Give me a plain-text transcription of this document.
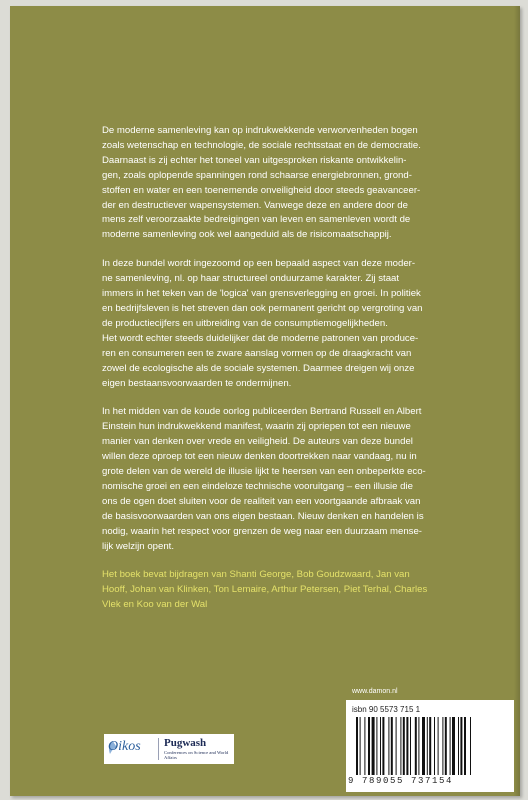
De moderne samenleving kan op indrukwekkende verworvenheden bogen
zoals wetenschap en technologie, de sociale rechtsstaat en de democratie.
Daarnaast is zij echter het toneel van uitgesproken riskante ontwikkelin-
gen, zoals oplopende spanningen rond schaarse energiebronnen, grond-
stoffen en water en een toenemende onveiligheid door steeds geavanceer-
der en destructiever wapensystemen. Vanwege deze en andere door de
mens zelf veroorzaakte bedreigingen van leven en samenleven wordt de
moderne samenleving ook wel aangeduid als de risicomaatschappij.

In deze bundel wordt ingezoomd op een bepaald aspect van deze moder-
ne samenleving, nl. op haar structureel onduurzame karakter. Zij staat
immers in het teken van de 'logica' van grensverlegging en groei. In politiek
en bedrijfsleven is het streven dan ook permanent gericht op vergroting van
de productiecijfers en uitbreiding van de consumptiemogelijkheden.
Het wordt echter steeds duidelijker dat de moderne patronen van produce-
ren en consumeren een te zware aanslag vormen op de draagkracht van
zowel de ecologische als de sociale systemen. Daarmee dreigen wij onze
eigen bestaansvoorwaarden te ondermijnen.

In het midden van de koude oorlog publiceerden Bertrand Russell en Albert
Einstein hun indrukwekkend manifest, waarin zij opriepen tot een nieuwe
manier van denken over vrede en veiligheid. De auteurs van deze bundel
willen deze oproep tot een nieuw denken doortrekken naar vandaag, nu in
grote delen van de wereld de illusie lijkt te heersen van een onbeperkte eco-
nomische groei en een eindeloze technische vooruitgang – een illusie die
ons de ogen doet sluiten voor de realiteit van een voortgaande afbraak van
de basisvoorwaarden van ons eigen bestaan. Nieuw denken en handelen is
nodig, waarin het respect voor grenzen de weg naar een duurzaam mense-
lijk welzijn opent.

Het boek bevat bijdragen van Shanti George, Bob Goudzwaard, Jan van
Hooff, Johan van Klinken, Ton Lemaire, Arthur Petersen, Piet Terhal, Charles
Vlek en Koo van der Wal

www.damon.nl
isbn 90 5573 715 1
9 789055 737154
Oikos Pugwash
Conferences on Science and World Affairs
